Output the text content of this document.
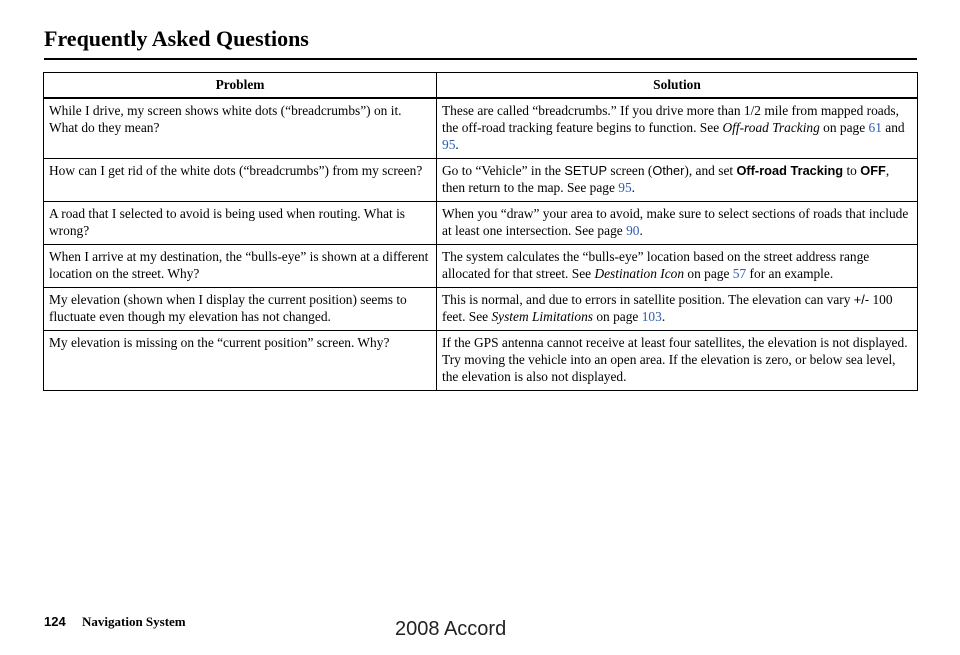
Frequently Asked Questions
Problem	Solution
While I drive, my screen shows white dots (“breadcrumbs”) on it. What do they mean?	These are called “breadcrumbs.” If you drive more than 1/2 mile from mapped roads, the off-road tracking feature begins to function. See Off-road Tracking on page 61 and 95.
How can I get rid of the white dots (“breadcrumbs”) from my screen?	Go to “Vehicle” in the SETUP screen (Other), and set Off-road Tracking to OFF, then return to the map. See page 95.
A road that I selected to avoid is being used when routing. What is wrong?	When you “draw” your area to avoid, make sure to select sections of roads that include at least one intersection. See page 90.
When I arrive at my destination, the “bulls-eye” is shown at a different location on the street. Why?	The system calculates the “bulls-eye” location based on the street address range allocated for that street. See Destination Icon on page 57 for an example.
My elevation (shown when I display the current position) seems to fluctuate even though my elevation has not changed.	This is normal, and due to errors in satellite position. The elevation can vary +/- 100 feet. See System Limitations on page 103.
My elevation is missing on the “current position” screen. Why?	If the GPS antenna cannot receive at least four satellites, the elevation is not displayed. Try moving the vehicle into an open area. If the elevation is zero, or below sea level, the elevation is also not displayed.
124 Navigation System	2008 Accord
